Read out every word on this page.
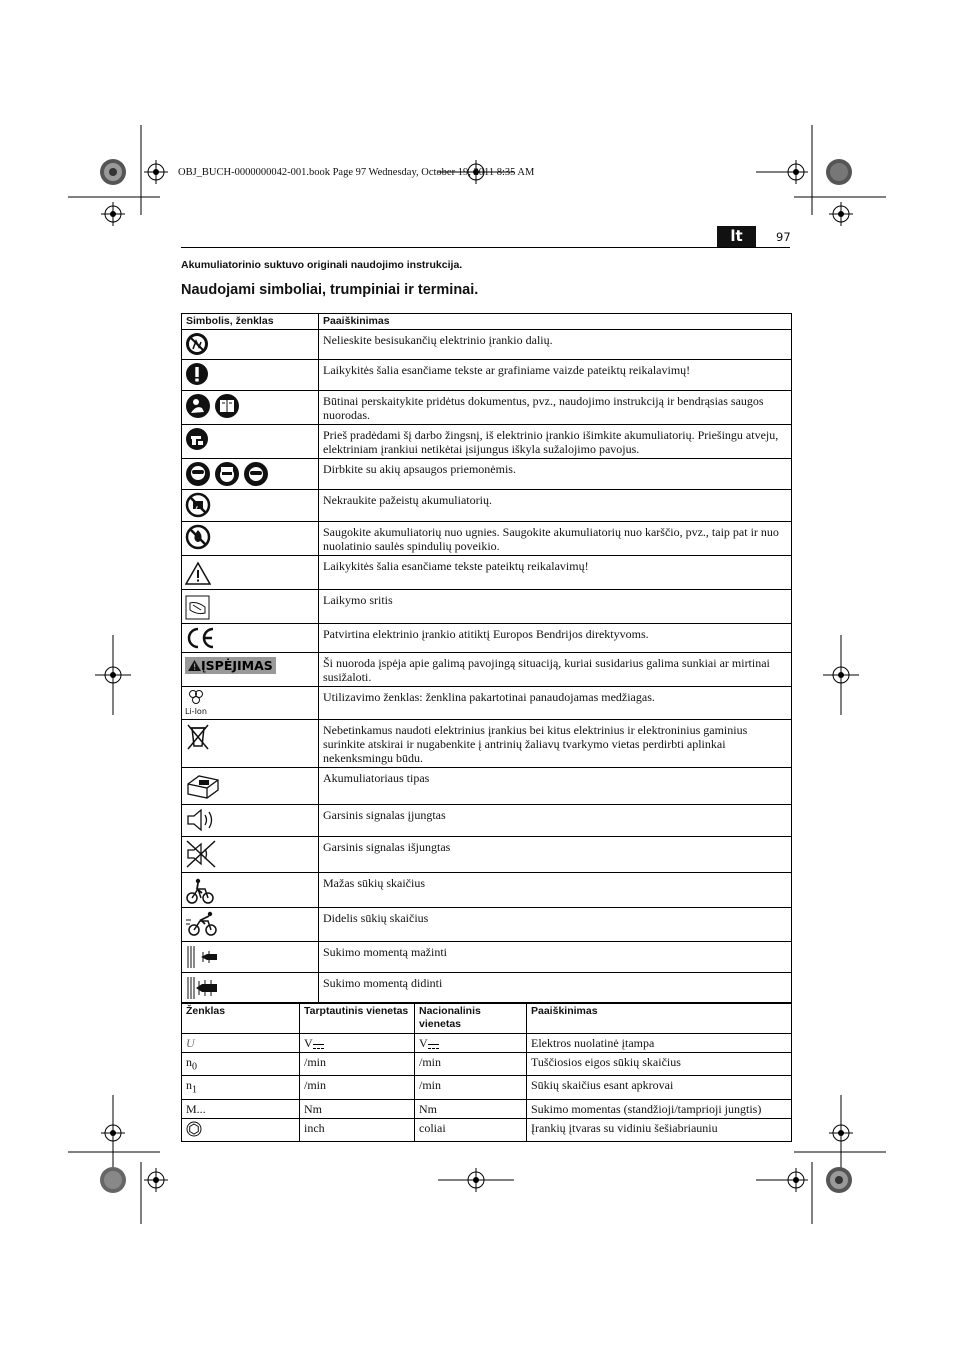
OBJ_BUCH-0000000042-001.book Page 97 Wednesday, October 19, 2011 8:35 AM
lt	97
Akumuliatorinio suktuvo originali naudojimo instrukcija.
Naudojami simboliai, trumpiniai ir terminai.
Simbolis, ženklas	Paaiškinimas
	Nelieskite besisukančių elektrinio įrankio dalių.
	Laikykitės šalia esančiame tekste ar grafiniame vaizde pateiktų reikalavimų!
	Būtinai perskaitykite pridėtus dokumentus, pvz., naudojimo instrukciją ir bendrąsias saugos nuorodas.
	Prieš pradėdami šį darbo žingsnį, iš elektrinio įrankio išimkite akumuliatorių. Priešingu atveju, elektriniam įrankiui netikėtai įsijungus iškyla sužalojimo pavojus.
	Dirbkite su akių apsaugos priemonėmis.
	Nekraukite pažeistų akumuliatorių.
	Saugokite akumuliatorių nuo ugnies. Saugokite akumuliatorių nuo karščio, pvz., taip pat ir nuo nuolatinio saulės spindulių poveikio.
	Laikykitės šalia esančiame tekste pateiktų reikalavimų!
	Laikymo sritis
	Patvirtina elektrinio įrankio atitiktį Europos Bendrijos direktyvoms.
ĮSPĖJIMAS	Ši nuoroda įspėja apie galimą pavojingą situaciją, kuriai susidarius galima sunkiai ar mirtinai susižaloti.

Li-Ion	Utilizavimo ženklas: ženklina pakartotinai panaudojamas medžiagas.
	Nebetinkamus naudoti elektrinius įrankius bei kitus elektrinius ir elektroninius gaminius surinkite atskirai ir nugabenkite į antrinių žaliavų tvarkymo vietas perdirbti aplinkai nekenksmingu būdu.
	Akumuliatoriaus tipas
	Garsinis signalas įjungtas
	Garsinis signalas išjungtas
	Mažas sūkių skaičius
	Didelis sūkių skaičius
	Sukimo momentą mažinti
	Sukimo momentą didinti
Ženklas	Tarptautinis vienetas	Nacionalinis vienetas	Paaiškinimas
U	V	V	Elektros nuolatinė įtampa
$n_0$	/min	/min	Tuščiosios eigos sūkių skaičius
$n_1$	/min	/min	Sūkių skaičius esant apkrovai
M...	Nm	Nm	Sukimo momentas (standžioji/tamprioji jungtis)
	inch	coliai	Įrankių įtvaras su vidiniu šešiabriauniu
